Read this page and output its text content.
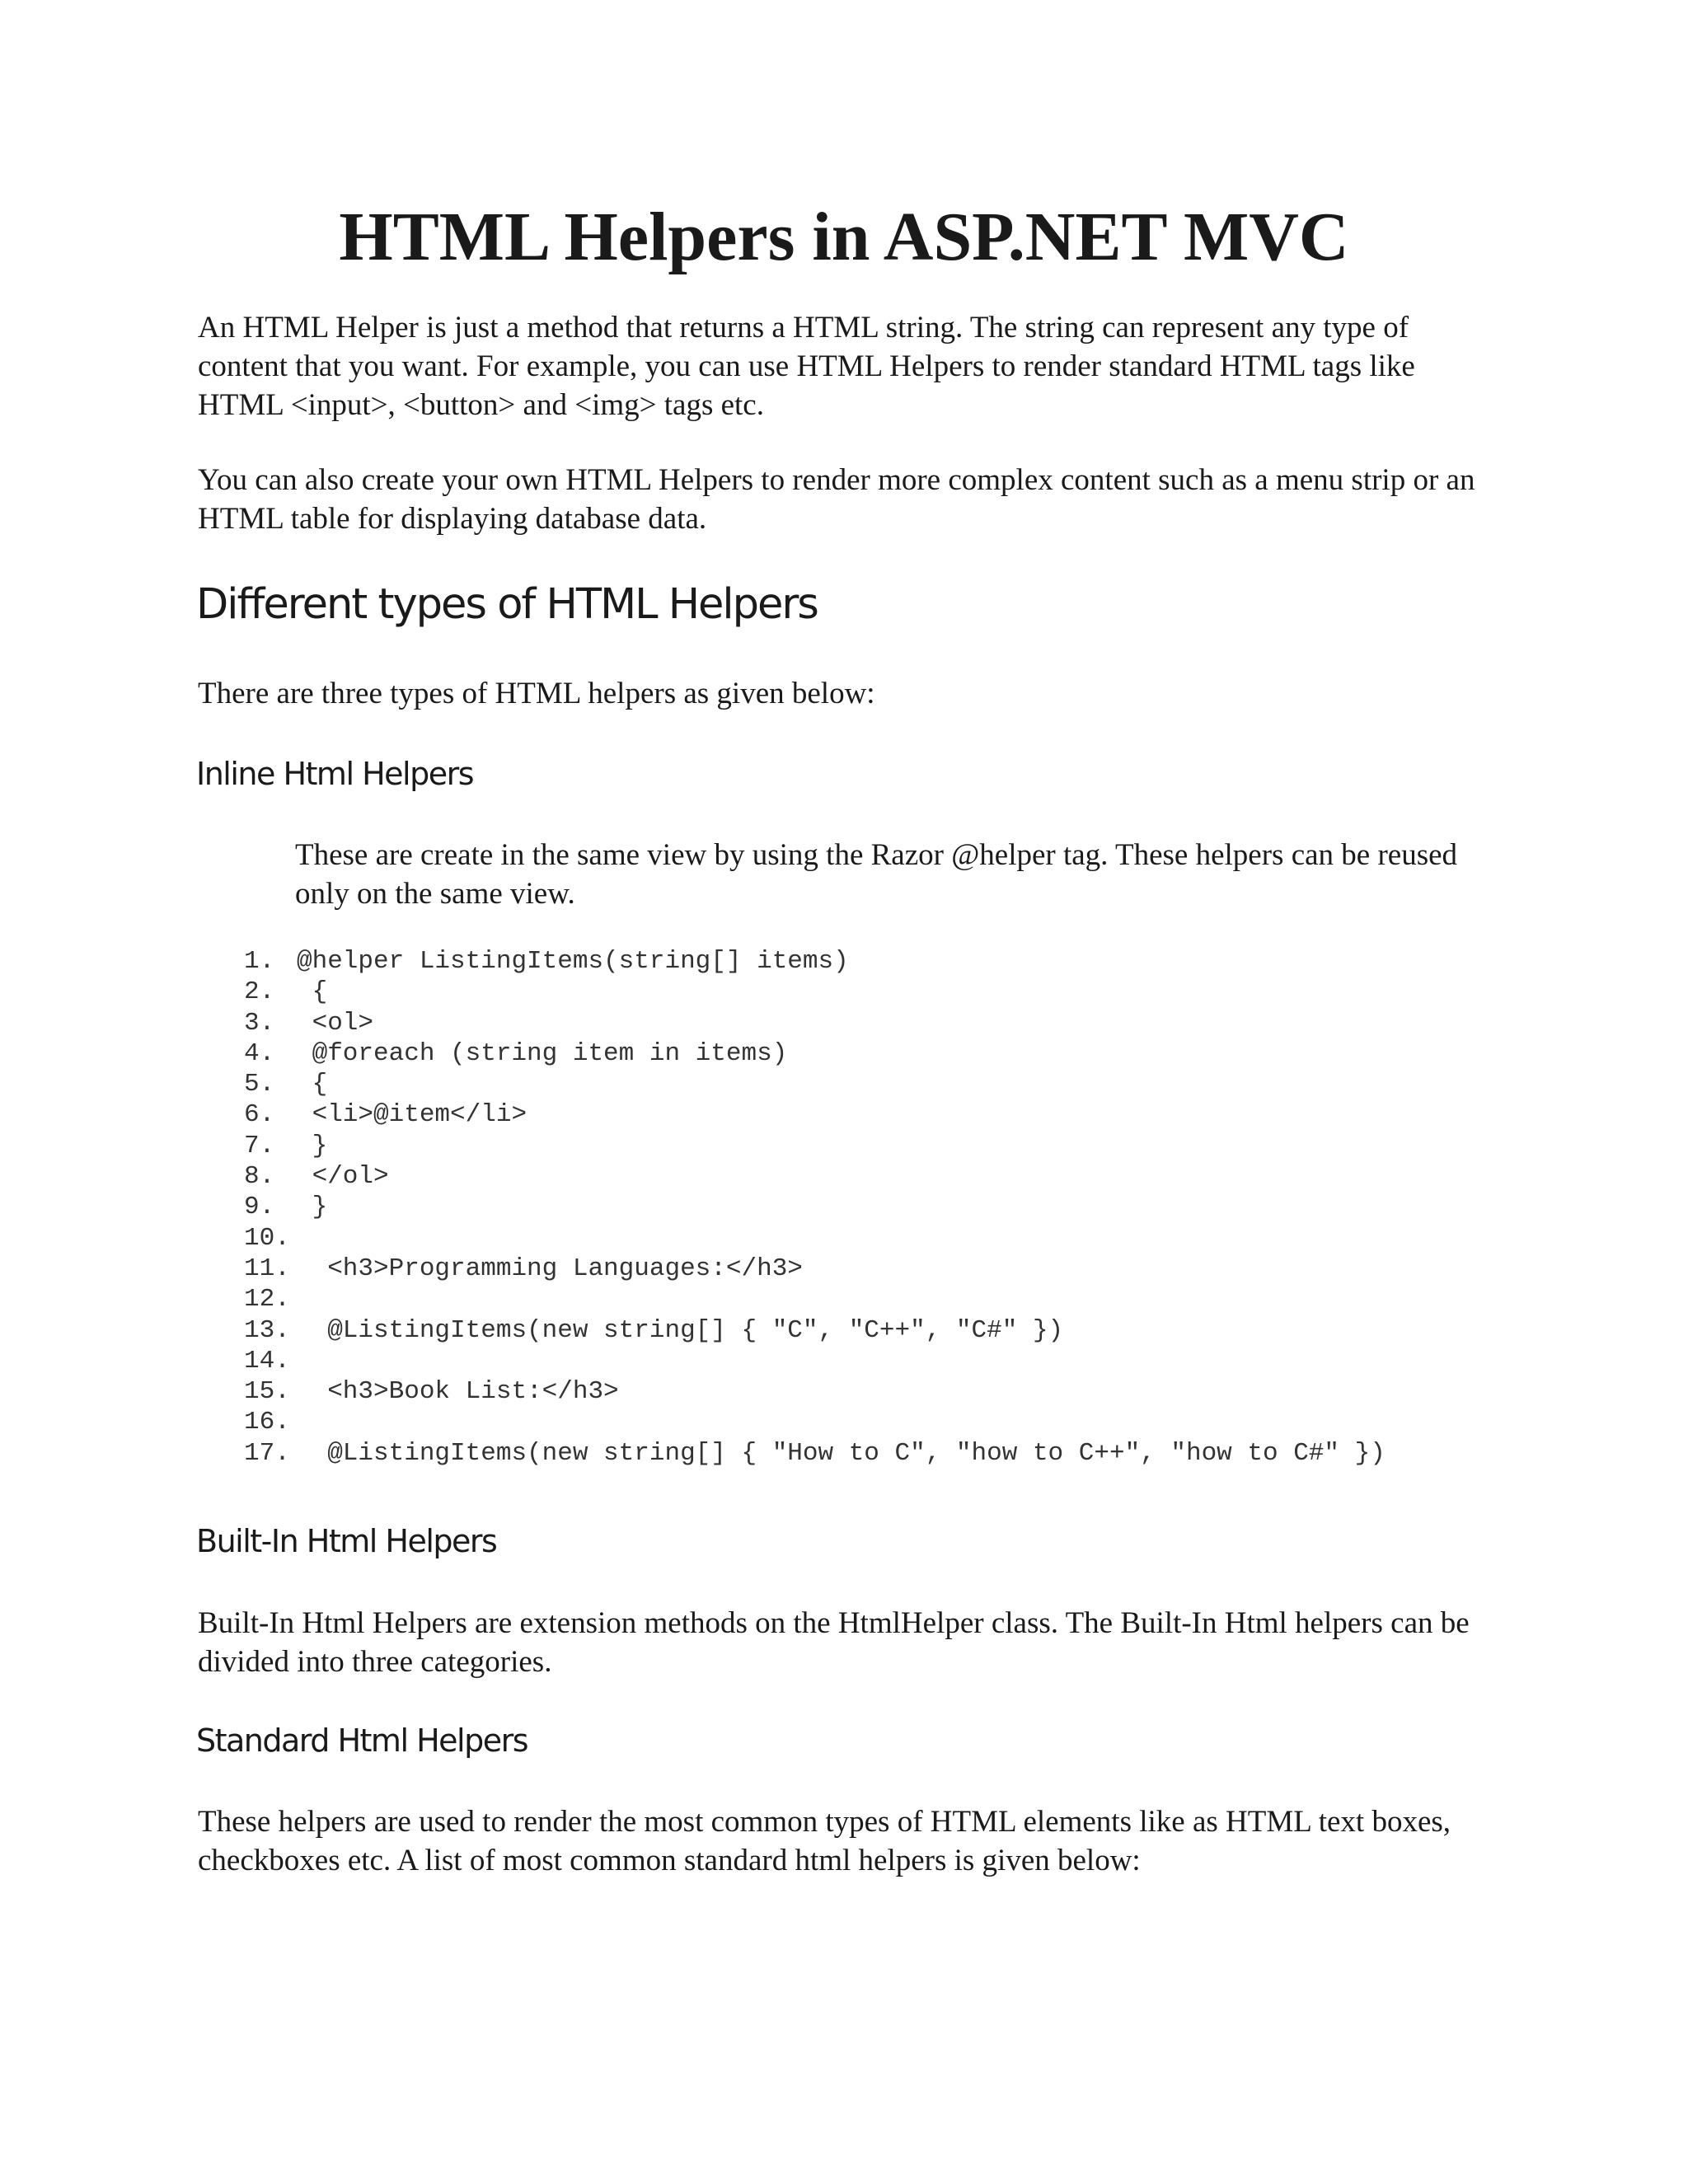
HTML Helpers in ASP.NET MVC

An HTML Helper is just a method that returns a HTML string. The string can represent any type of content that you want. For example, you can use HTML Helpers to render standard HTML tags like HTML <input>, <button> and <img> tags etc.

You can also create your own HTML Helpers to render more complex content such as a menu strip or an HTML table for displaying database data.

Different types of HTML Helpers

There are three types of HTML helpers as given below:

Inline Html Helpers

These are create in the same view by using the Razor @helper tag. These helpers can be reused only on the same view.

1. @helper ListingItems(string[] items)
2. {
3. <ol>
4. @foreach (string item in items)
5. {
6. <li>@item</li>
7. }
8. </ol>
9. }
10.
11.  <h3>Programming Languages:</h3>
12.
13.  @ListingItems(new string[] { "C", "C++", "C#" })
14.
15.  <h3>Book List:</h3>
16.
17.  @ListingItems(new string[] { "How to C", "how to C++", "how to C#" })
Built-In Html Helpers

Built-In Html Helpers are extension methods on the HtmlHelper class. The Built-In Html helpers can be divided into three categories.

Standard Html Helpers

These helpers are used to render the most common types of HTML elements like as HTML text boxes, checkboxes etc. A list of most common standard html helpers is given below:
